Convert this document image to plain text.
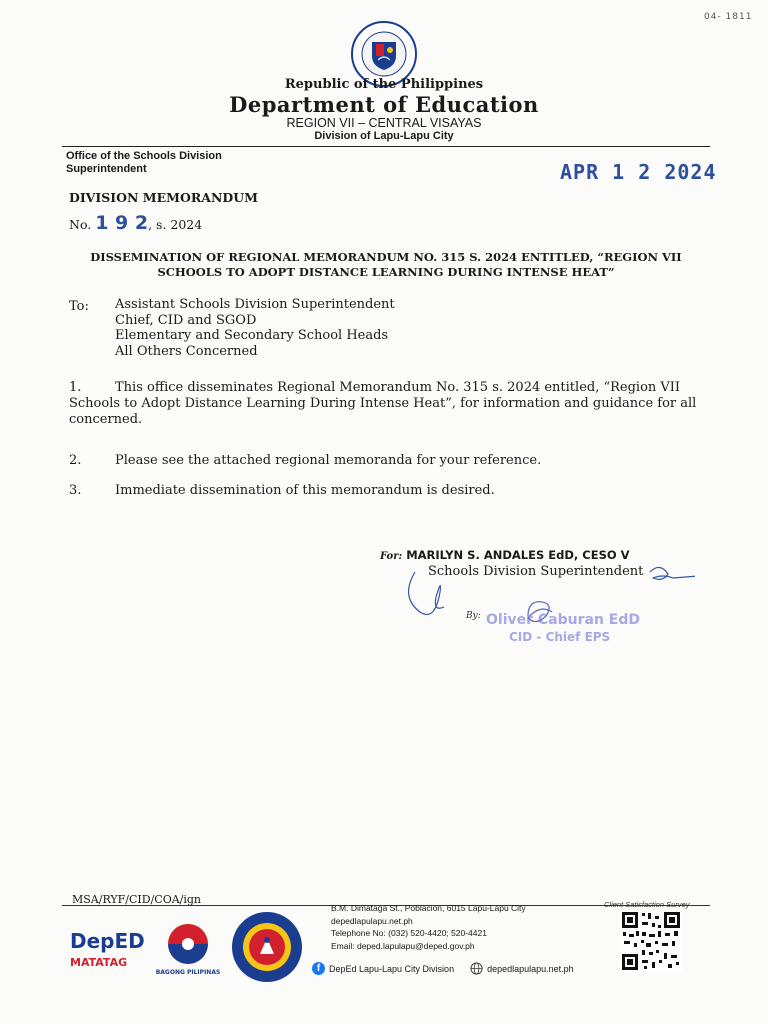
04- 1811
Republic of the Philippines
Department of Education
REGION VII – CENTRAL VISAYAS
Division of Lapu-Lapu City
Office of the Schools Division Superintendent	APR 1 2 2024
DIVISION MEMORANDUM
No. 1 9 2, s. 2024
DISSEMINATION OF REGIONAL MEMORANDUM NO. 315 S. 2024 ENTITLED, “REGION VII SCHOOLS TO ADOPT DISTANCE LEARNING DURING INTENSE HEAT”
To: Assistant Schools Division Superintendent
Chief, CID and SGOD
Elementary and Secondary School Heads
All Others Concerned
1.	This office disseminates Regional Memorandum No. 315 s. 2024 entitled, “Region VII Schools to Adopt Distance Learning During Intense Heat”, for information and guidance for all concerned.
2.	Please see the attached regional memoranda for your reference.
3.	Immediate dissemination of this memorandum is desired.
For: MARILYN S. ANDALES EdD, CESO V
Schools Division Superintendent
By: Oliver Caburan EdD
CID - Chief EPS
MSA/RYF/CID/COA/ign
DepED
MATATAG
BAGONG PILIPINAS
B.M. Dimataga St., Poblacion, 6015 Lapu-Lapu City
depedlapulapu.net.ph
Telephone No: (032) 520-4420; 520-4421
Email: deped.lapulapu@deped.gov.ph
f DepEd Lapu-Lapu City Division	depedlapulapu.net.ph
Client Satisfaction Survey
